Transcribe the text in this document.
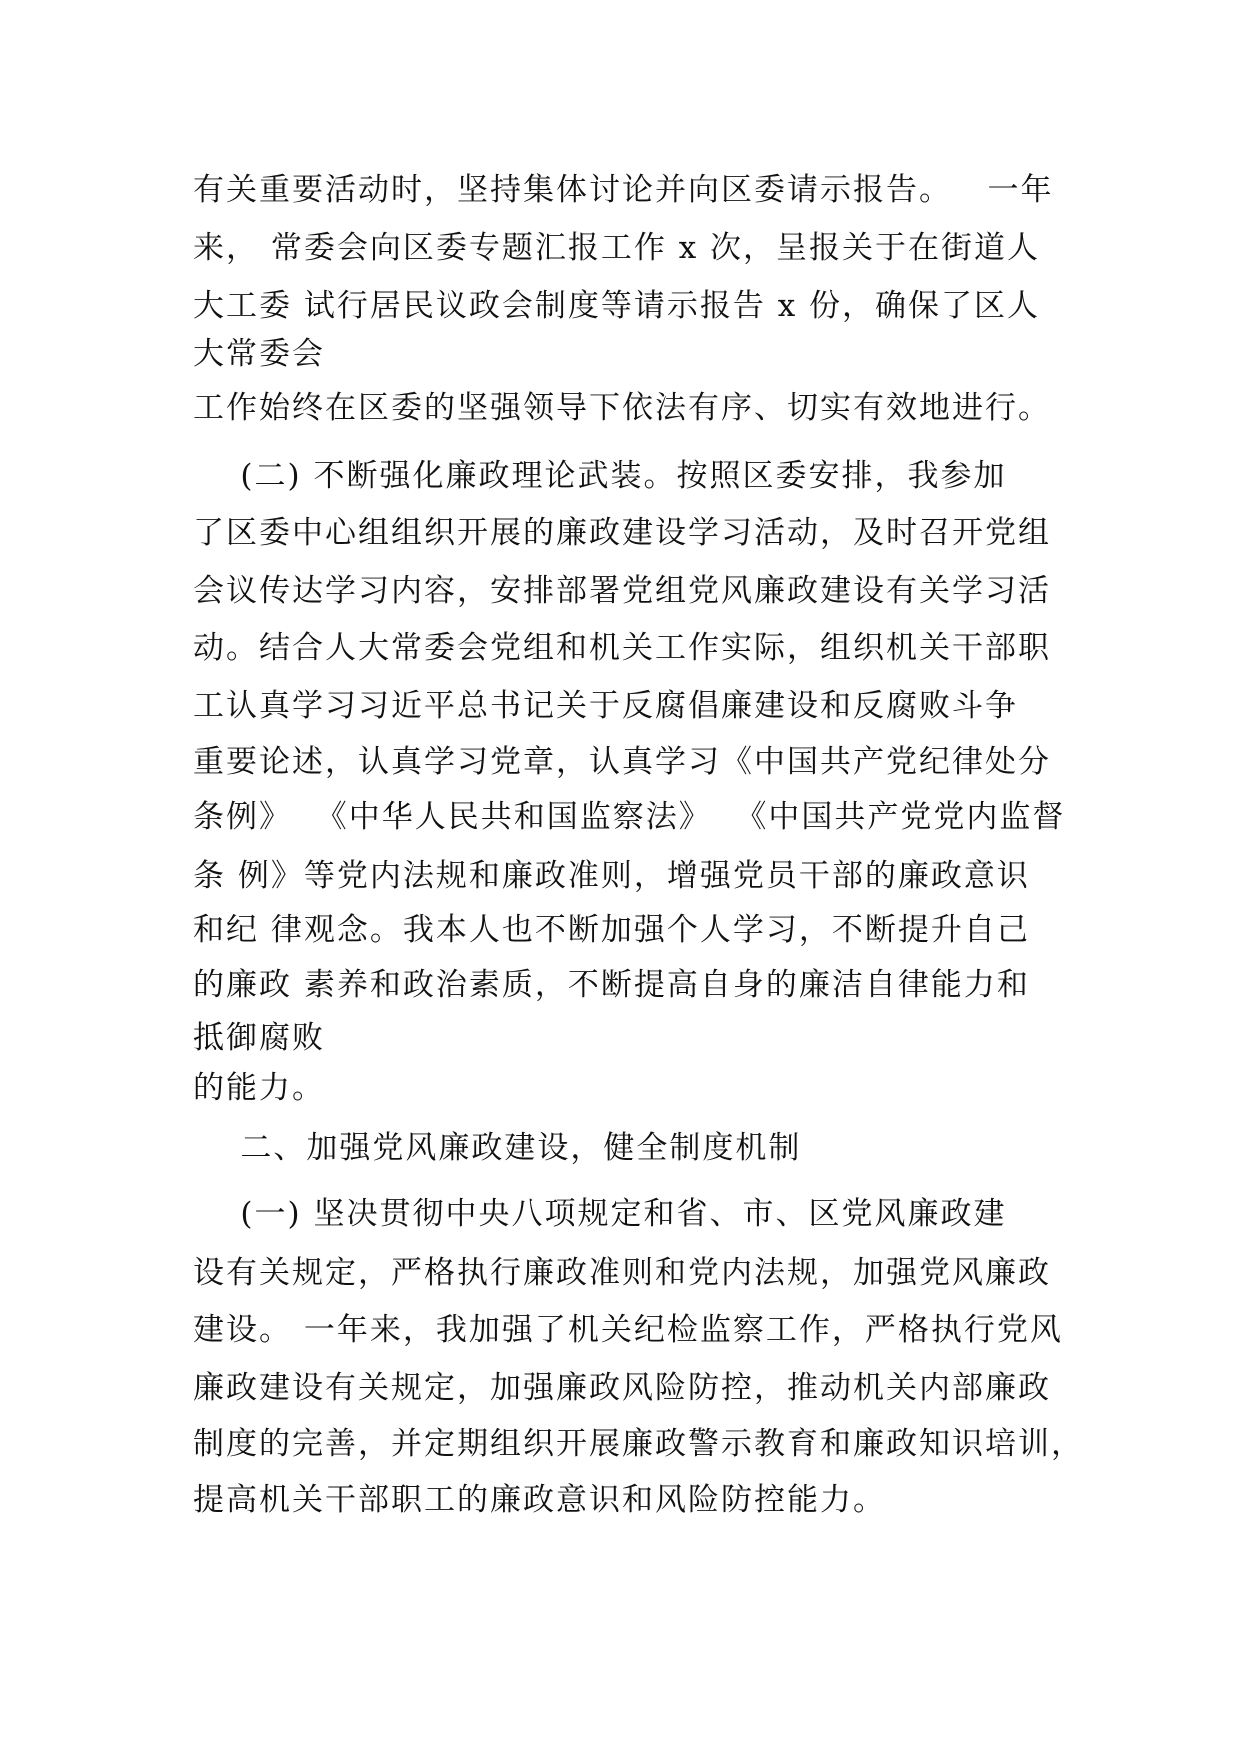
有关重要活动时，坚持集体讨论并向区委请示报告。   一年
来， 常委会向区委专题汇报工作 x 次，呈报关于在街道人
大工委 试行居民议政会制度等请示报告 x 份，确保了区人
大常委会
工作始终在区委的坚强领导下依法有序、切实有效地进行。
(二) 不断强化廉政理论武装。按照区委安排，我参加
了区委中心组组织开展的廉政建设学习活动，及时召开党组
会议传达学习内容，安排部署党组党风廉政建设有关学习活
动。结合人大常委会党组和机关工作实际，组织机关干部职
工认真学习习近平总书记关于反腐倡廉建设和反腐败斗争
重要论述，认真学习党章，认真学习《中国共产党纪律处分
条例》  《中华人民共和国监察法》  《中国共产党党内监督
条 例》等党内法规和廉政准则，增强党员干部的廉政意识
和纪 律观念。我本人也不断加强个人学习，不断提升自己
的廉政 素养和政治素质，不断提高自身的廉洁自律能力和
抵御腐败
的能力。
二、加强党风廉政建设，健全制度机制
(一) 坚决贯彻中央八项规定和省、市、区党风廉政建
设有关规定，严格执行廉政准则和党内法规，加强党风廉政
建设。 一年来，我加强了机关纪检监察工作，严格执行党风
廉政建设有关规定，加强廉政风险防控，推动机关内部廉政
制度的完善，并定期组织开展廉政警示教育和廉政知识培训，
提高机关干部职工的廉政意识和风险防控能力。
